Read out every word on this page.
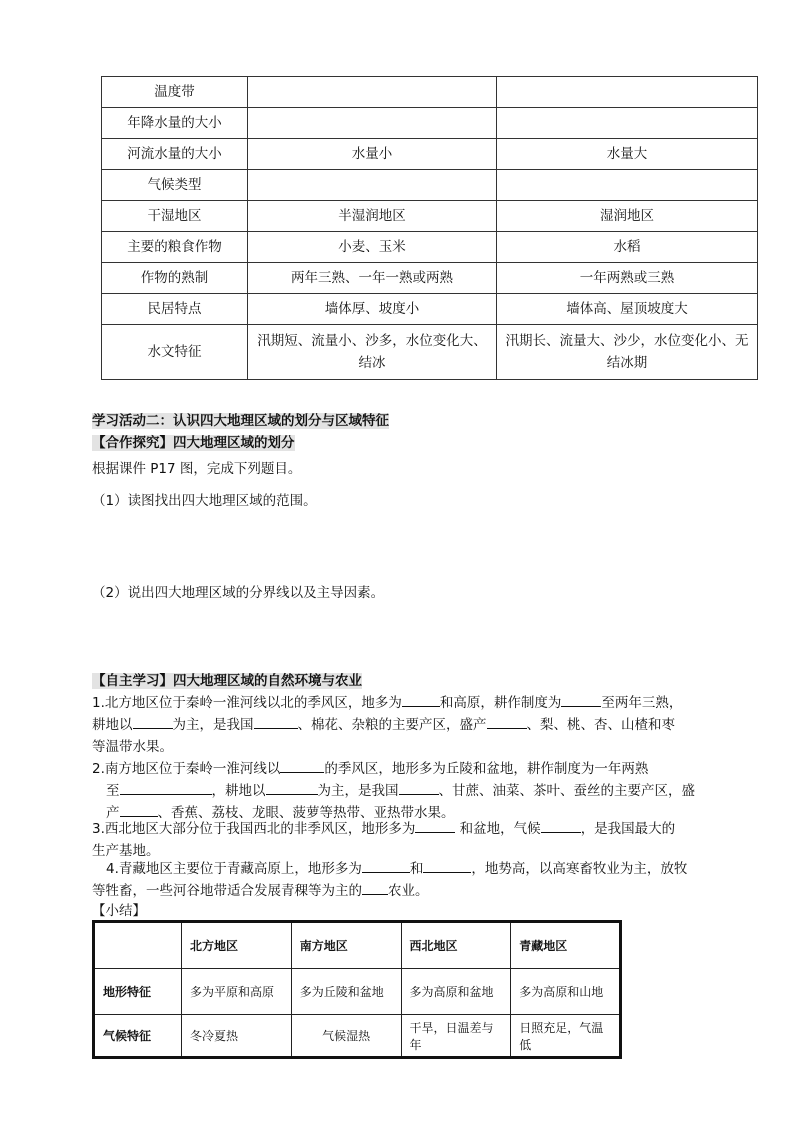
温度带		
年降水量的大小		
河流水量的大小	水量小	水量大
气候类型		
干湿地区	半湿润地区	湿润地区
主要的粮食作物	小麦、玉米	水稻
作物的熟制	两年三熟、一年一熟或两熟	一年两熟或三熟
民居特点	墙体厚、坡度小	墙体高、屋顶坡度大
水文特征	汛期短、流量小、沙多，水位变化大、结冰	汛期长、流量大、沙少，水位变化小、无结冰期
学习活动二：认识四大地理区域的划分与区域特征
【合作探究】四大地理区域的划分
根据课件 P17 图，完成下列题目。
（1）读图找出四大地理区域的范围。
（2）说出四大地理区域的分界线以及主导因素。
【自主学习】四大地理区域的自然环境与农业

1.北方地区位于秦岭一淮河线以北的季风区，地多为	和高原，耕作制度为	至两年三熟，

耕地以	为主，是我国	、棉花、杂粮的主要产区，盛产	、梨、桃、杏、山楂和枣

等温带水果。

2.南方地区位于秦岭一淮河线以	的季风区，地形多为丘陵和盆地，耕作制度为一年两熟

至	，耕地以	为主，是我国	、甘蔗、油菜、茶叶、蚕丝的主要产区，盛

产	、香蕉、荔枝、龙眼、菠萝等热带、亚热带水果。

3.西北地区大部分位于我国西北的非季风区，地形多为	和盆地，气候	，是我国最大的

生产基地。

4.青藏地区主要位于青藏高原上，地形多为	和	，地势高，以高寒畜牧业为主，放牧

等牲畜，一些河谷地带适合发展青稞等为主的 农业。

【小结】
	北方地区	南方地区	西北地区	青藏地区
地形特征	多为平原和高原	多为丘陵和盆地	多为高原和盆地	多为高原和山地
气候特征	冬冷夏热	气候湿热	干旱，日温差与年	日照充足，气温低
